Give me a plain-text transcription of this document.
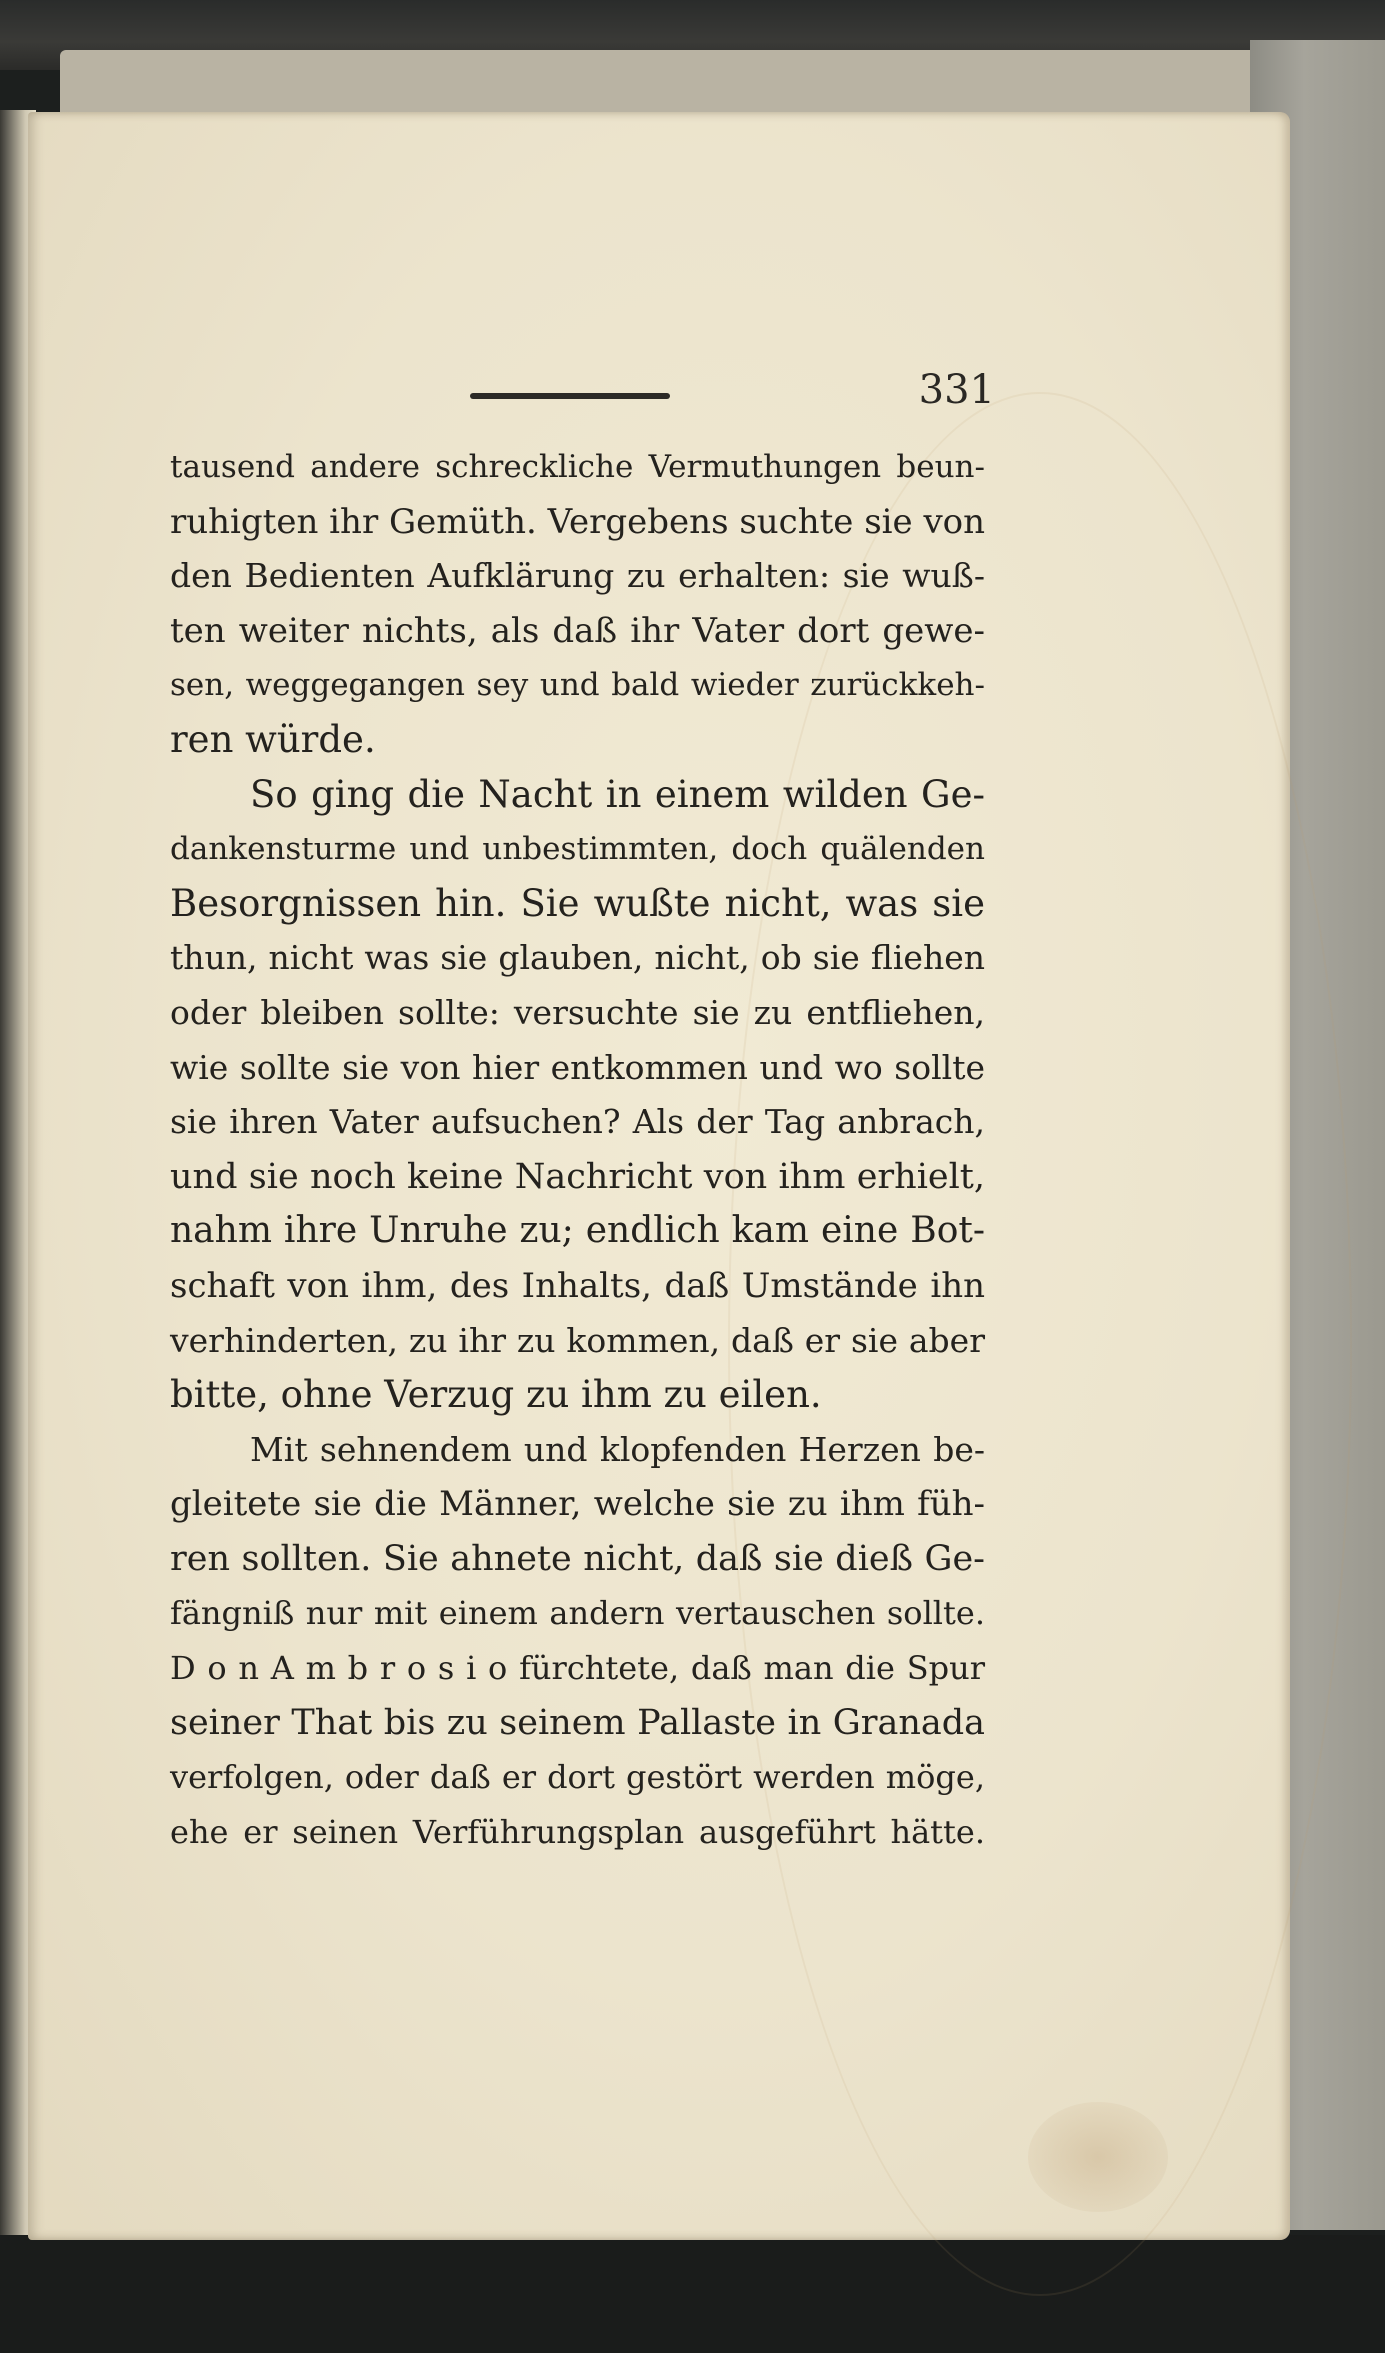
331
tausend andere schreckliche Vermuthungen beun-
ruhigten ihr Gemüth. Vergebens suchte sie von
den Bedienten Aufklärung zu erhalten: sie wuß-
ten weiter nichts, als daß ihr Vater dort gewe-
sen, weggegangen sey und bald wieder zurückkeh-
ren würde.
So ging die Nacht in einem wilden Ge-
dankensturme und unbestimmten, doch quälenden
Besorgnissen hin. Sie wußte nicht, was sie
thun, nicht was sie glauben, nicht, ob sie fliehen
oder bleiben sollte: versuchte sie zu entfliehen,
wie sollte sie von hier entkommen und wo sollte
sie ihren Vater aufsuchen? Als der Tag anbrach,
und sie noch keine Nachricht von ihm erhielt,
nahm ihre Unruhe zu; endlich kam eine Bot-
schaft von ihm, des Inhalts, daß Umstände ihn
verhinderten, zu ihr zu kommen, daß er sie aber
bitte, ohne Verzug zu ihm zu eilen.
Mit sehnendem und klopfenden Herzen be-
gleitete sie die Männer, welche sie zu ihm füh-
ren sollten. Sie ahnete nicht, daß sie dieß Ge-
fängniß nur mit einem andern vertauschen sollte.
D o n A m b r o s i o fürchtete, daß man die Spur
seiner That bis zu seinem Pallaste in Granada
verfolgen, oder daß er dort gestört werden möge,
ehe er seinen Verführungsplan ausgeführt hätte.
